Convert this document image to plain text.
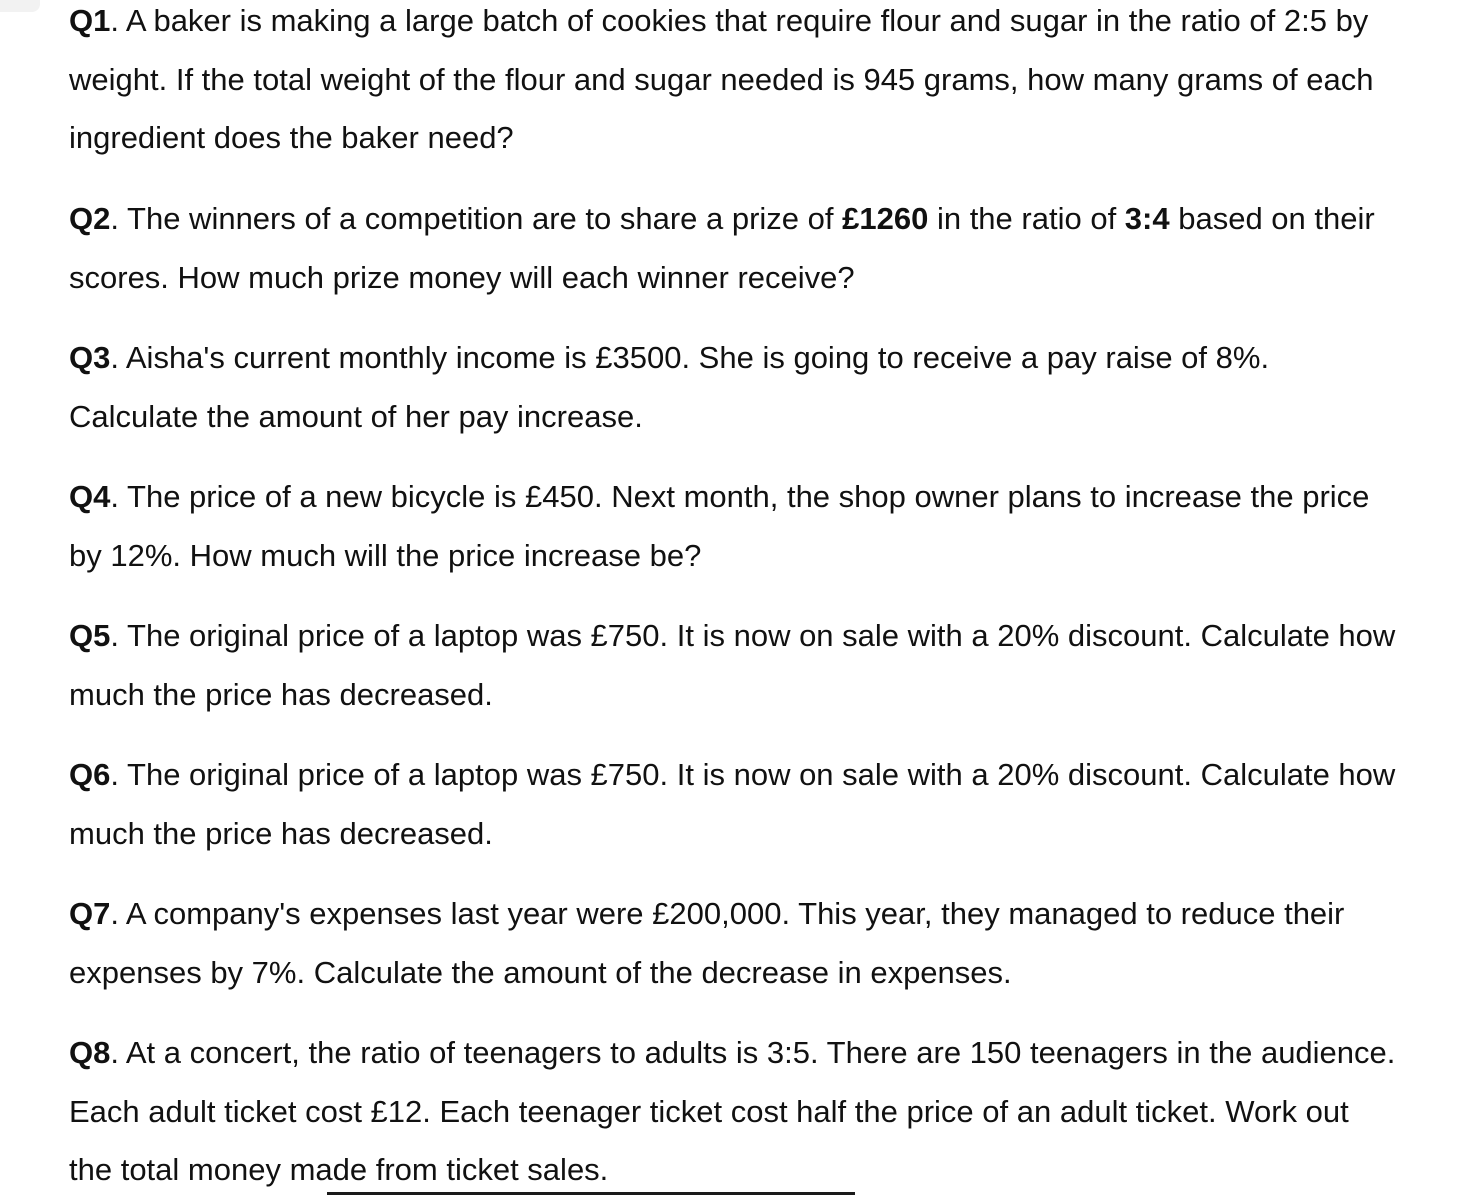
Q1. A baker is making a large batch of cookies that require flour and sugar in the ratio of 2:5 by weight. If the total weight of the flour and sugar needed is 945 grams, how many grams of each ingredient does the baker need?

Q2. The winners of a competition are to share a prize of £1260 in the ratio of 3:4 based on their scores. How much prize money will each winner receive?

Q3. Aisha's current monthly income is £3500. She is going to receive a pay raise of 8%. Calculate the amount of her pay increase.

Q4. The price of a new bicycle is £450. Next month, the shop owner plans to increase the price by 12%. How much will the price increase be?

Q5. The original price of a laptop was £750. It is now on sale with a 20% discount. Calculate how much the price has decreased.

Q6. The original price of a laptop was £750. It is now on sale with a 20% discount. Calculate how much the price has decreased.

Q7. A company's expenses last year were £200,000. This year, they managed to reduce their expenses by 7%. Calculate the amount of the decrease in expenses.

Q8. At a concert, the ratio of teenagers to adults is 3:5. There are 150 teenagers in the audience. Each adult ticket cost £12. Each teenager ticket cost half the price of an adult ticket. Work out the total money made from ticket sales.
